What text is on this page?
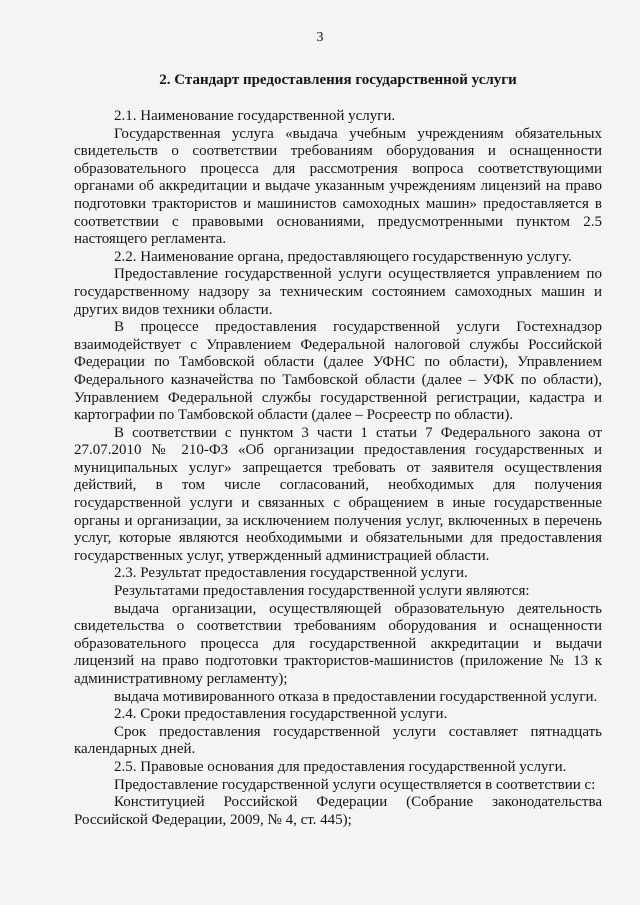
3
2. Стандарт предоставления государственной услуги

2.1. Наименование государственной услуги.

Государственная услуга «выдача учебным учреждениям обязательных свидетельств о соответствии требованиям оборудования и оснащенности образовательного процесса для рассмотрения вопроса соответствующими органами об аккредитации и выдаче указанным учреждениям лицензий на право подготовки трактористов и машинистов самоходных машин» предоставляется в соответствии с правовыми основаниями, предусмотренными пунктом 2.5 настоящего регламента.

2.2. Наименование органа, предоставляющего государственную услугу.

Предоставление государственной услуги осуществляется управлением по государственному надзору за техническим состоянием самоходных машин и других видов техники области.

В процессе предоставления государственной услуги Гостехнадзор взаимодействует с Управлением Федеральной налоговой службы Российской Федерации по Тамбовской области (далее УФНС по области), Управлением Федерального казначейства по Тамбовской области (далее – УФК по области), Управлением Федеральной службы государственной регистрации, кадастра и картографии по Тамбовской области (далее – Росреестр по области).

В соответствии с пунктом 3 части 1 статьи 7 Федерального закона от 27.07.2010 № 210-ФЗ «Об организации предоставления государственных и муниципальных услуг» запрещается требовать от заявителя осуществления действий, в том числе согласований, необходимых для получения государственной услуги и связанных с обращением в иные государственные органы и организации, за исключением получения услуг, включенных в перечень услуг, которые являются необходимыми и обязательными для предоставления государственных услуг, утвержденный администрацией области.

2.3. Результат предоставления государственной услуги.

Результатами предоставления государственной услуги являются:

выдача организации, осуществляющей образовательную деятельность свидетельства о соответствии требованиям оборудования и оснащенности образовательного процесса для государственной аккредитации и выдачи лицензий на право подготовки трактористов-машинистов (приложение № 13 к административному регламенту);

выдача мотивированного отказа в предоставлении государственной услуги.

2.4. Сроки предоставления государственной услуги.

Срок предоставления государственной услуги составляет пятнадцать календарных дней.

2.5. Правовые основания для предоставления государственной услуги.

Предоставление государственной услуги осуществляется в соответствии с:

Конституцией Российской Федерации (Собрание законодательства Российской Федерации, 2009, № 4, ст. 445);
